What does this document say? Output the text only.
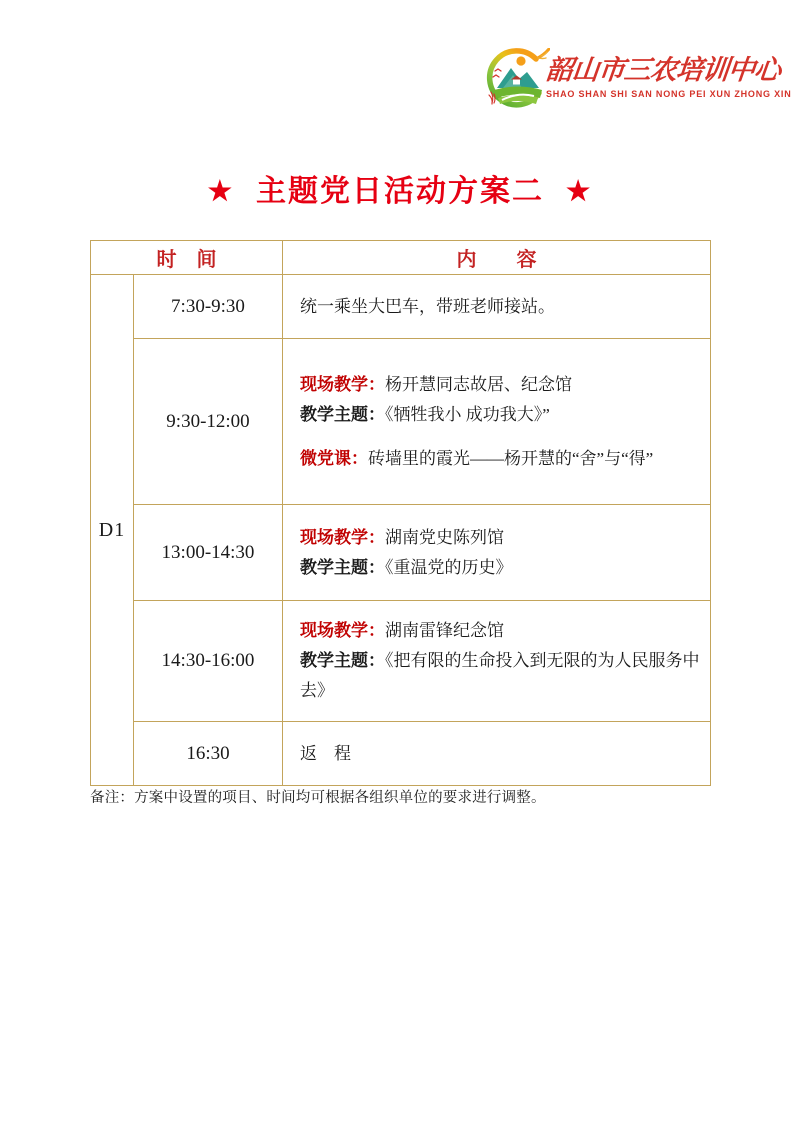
韶山市三农培训中心
SHAO SHAN SHI SAN NONG PEI XUN ZHONG XIN
★ 主题党日活动方案二 ★
时　间		内　　容
D1	7:30-9:30	统一乘坐大巴车，带班老师接站。

	9:30-12:00	现场教学：杨开慧同志故居、纪念馆
教学主题：《牺牲我小 成功我大》”
微党课：砖墙里的霞光——杨开慧的“舍”与“得”

	13:00-14:30	现场教学：湖南党史陈列馆
教学主题：《重温党的历史》

	14:30-16:00	现场教学：湖南雷锋纪念馆
教学主题：《把有限的生命投入到无限的为人民服务中去》

	16:30	返　程
备注：方案中设置的项目、时间均可根据各组织单位的要求进行调整。
